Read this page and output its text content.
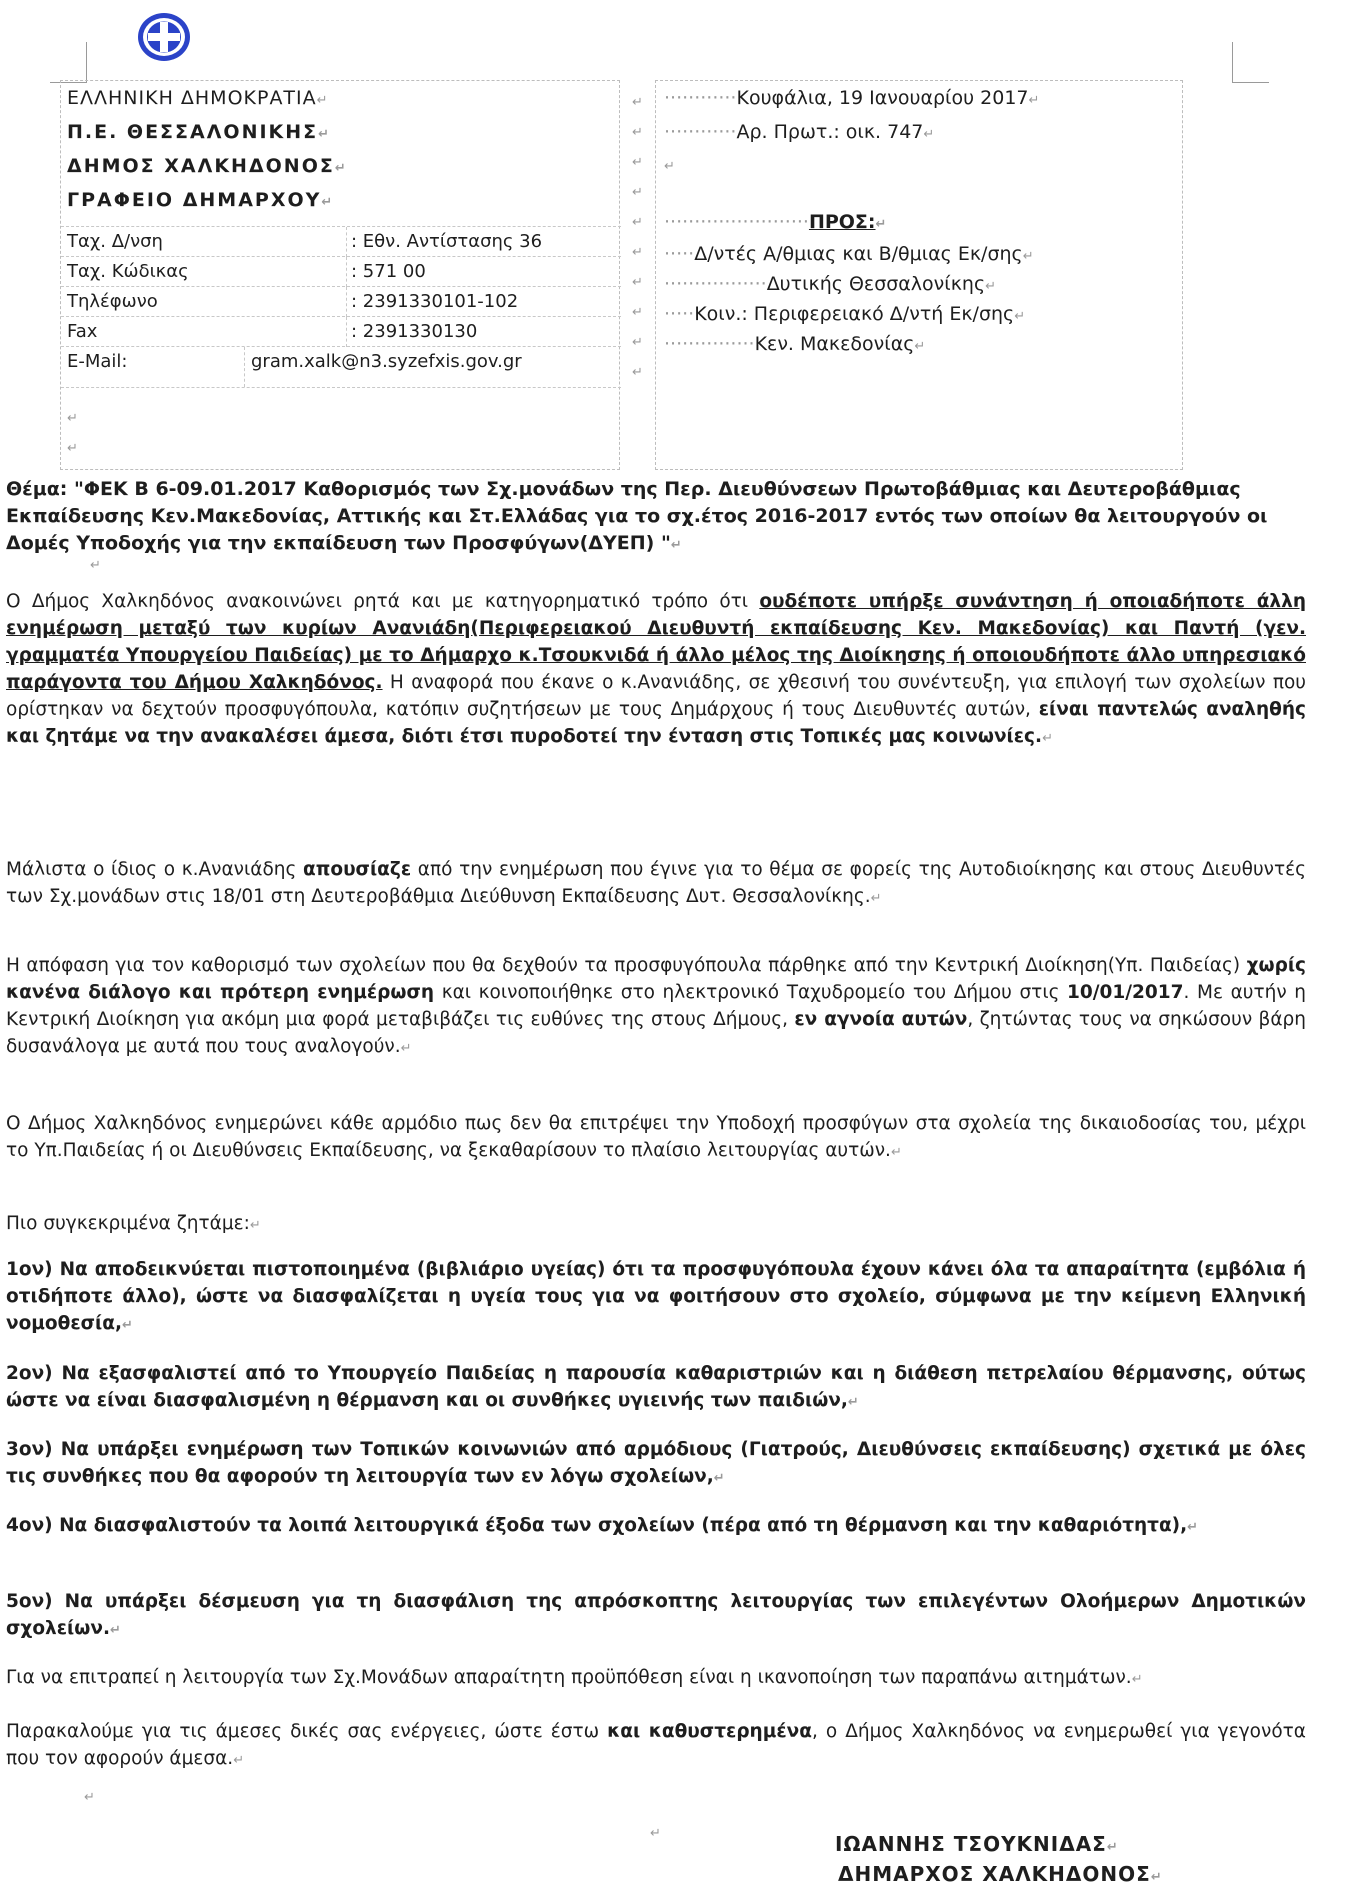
ΕΛΛΗΝΙΚΗ ΔΗΜΟΚΡΑΤΙΑ↵
Π.Ε. ΘΕΣΣΑΛΟΝΙΚΗΣ↵
ΔΗΜΟΣ ΧΑΛΚΗΔΟΝΟΣ↵
ΓΡΑΦΕΙΟ ΔΗΜΑΡΧΟΥ↵
Ταχ. Δ/νση	: Εθν. Αντίστασης 36
Ταχ. Κώδικας	: 571 00
Τηλέφωνο	: 2391330101-102
Fax	: 2391330130
E-Mail:	gram.xalk@n3.syzefxis.gov.gr
↵
↵
↵
↵
↵
↵
↵
↵
↵
↵
↵
↵
············Κουφάλια, 19 Ιανουαρίου 2017↵
············Αρ. Πρωτ.: οικ. 747↵
↵
························ΠΡΟΣ:↵
·····Δ/ντές Α/θμιας και Β/θμιας Εκ/σης↵
·················Δυτικής Θεσσαλονίκης↵
·····Κοιν.: Περιφερειακό Δ/ντή Εκ/σης↵
···············Κεν. Μακεδονίας↵
Θέμα: "ΦΕΚ Β 6-09.01.2017 Καθορισμός των Σχ.μονάδων της Περ. Διευθύνσεων Πρωτοβάθμιας και Δευτεροβάθμιας Εκπαίδευσης Κεν.Μακεδονίας, Αττικής και Στ.Ελλάδας για το σχ.έτος 2016-2017 εντός των οποίων θα λειτουργούν οι Δομές Υποδοχής για την εκπαίδευση των Προσφύγων(ΔΥΕΠ) "↵
↵
Ο Δήμος Χαλκηδόνος ανακοινώνει ρητά και με κατηγορηματικό τρόπο ότι ουδέποτε υπήρξε συνάντηση ή οποιαδήποτε άλλη ενημέρωση μεταξύ των κυρίων Ανανιάδη(Περιφερειακού Διευθυντή εκπαίδευσης Κεν. Μακεδονίας) και Παντή (γεν. γραμματέα Υπουργείου Παιδείας) με το Δήμαρχο κ.Τσουκνιδά ή άλλο μέλος της Διοίκησης ή οποιουδήποτε άλλο υπηρεσιακό παράγοντα του Δήμου Χαλκηδόνος. Η αναφορά που έκανε ο κ.Ανανιάδης, σε χθεσινή του συνέντευξη, για επιλογή των σχολείων που ορίστηκαν να δεχτούν προσφυγόπουλα, κατόπιν συζητήσεων με τους Δημάρχους ή τους Διευθυντές αυτών, είναι παντελώς αναληθής και ζητάμε να την ανακαλέσει άμεσα, διότι έτσι πυροδοτεί την ένταση στις Τοπικές μας κοινωνίες.↵
Μάλιστα ο ίδιος ο κ.Ανανιάδης απουσίαζε από την ενημέρωση που έγινε για το θέμα σε φορείς της Αυτοδιοίκησης και στους Διευθυντές των Σχ.μονάδων στις 18/01 στη Δευτεροβάθμια Διεύθυνση Εκπαίδευσης Δυτ. Θεσσαλονίκης.↵
Η απόφαση για τον καθορισμό των σχολείων που θα δεχθούν τα προσφυγόπουλα πάρθηκε από την Κεντρική Διοίκηση(Υπ. Παιδείας) χωρίς κανένα διάλογο και πρότερη ενημέρωση και κοινοποιήθηκε στο ηλεκτρονικό Ταχυδρομείο του Δήμου στις 10/01/2017. Με αυτήν η Κεντρική Διοίκηση για ακόμη μια φορά μεταβιβάζει τις ευθύνες της στους Δήμους, εν αγνοία αυτών, ζητώντας τους να σηκώσουν βάρη δυσανάλογα με αυτά που τους αναλογούν.↵
Ο Δήμος Χαλκηδόνος ενημερώνει κάθε αρμόδιο πως δεν θα επιτρέψει την Υποδοχή προσφύγων στα σχολεία της δικαιοδοσίας του, μέχρι το Υπ.Παιδείας ή οι Διευθύνσεις Εκπαίδευσης, να ξεκαθαρίσουν το πλαίσιο λειτουργίας αυτών.↵
Πιο συγκεκριμένα ζητάμε:↵
1ον) Να αποδεικνύεται πιστοποιημένα (βιβλιάριο υγείας) ότι τα προσφυγόπουλα έχουν κάνει όλα τα απαραίτητα (εμβόλια ή οτιδήποτε άλλο), ώστε να διασφαλίζεται η υγεία τους για να φοιτήσουν στο σχολείο, σύμφωνα με την κείμενη Ελληνική νομοθεσία,↵
2ον) Να εξασφαλιστεί από το Υπουργείο Παιδείας η παρουσία καθαριστριών και η διάθεση πετρελαίου θέρμανσης, ούτως ώστε να είναι διασφαλισμένη η θέρμανση και οι συνθήκες υγιεινής των παιδιών,↵
3ον) Να υπάρξει ενημέρωση των Τοπικών κοινωνιών από αρμόδιους (Γιατρούς, Διευθύνσεις εκπαίδευσης) σχετικά με όλες τις συνθήκες που θα αφορούν τη λειτουργία των εν λόγω σχολείων,↵
4ον) Να διασφαλιστούν τα λοιπά λειτουργικά έξοδα των σχολείων (πέρα από τη θέρμανση και την καθαριότητα),↵
5ον) Να υπάρξει δέσμευση για τη διασφάλιση της απρόσκοπτης λειτουργίας των επιλεγέντων Ολοήμερων Δημοτικών σχολείων.↵
Για να επιτραπεί η λειτουργία των Σχ.Μονάδων απαραίτητη προϋπόθεση είναι η ικανοποίηση των παραπάνω αιτημάτων.↵
Παρακαλούμε για τις άμεσες δικές σας ενέργειες, ώστε έστω και καθυστερημένα, ο Δήμος Χαλκηδόνος να ενημερωθεί για γεγονότα που τον αφορούν άμεσα.↵
↵
↵	ΙΩΑΝΝΗΣ ΤΣΟΥΚΝΙΔΑΣ↵
ΔΗΜΑΡΧΟΣ ΧΑΛΚΗΔΟΝΟΣ↵
